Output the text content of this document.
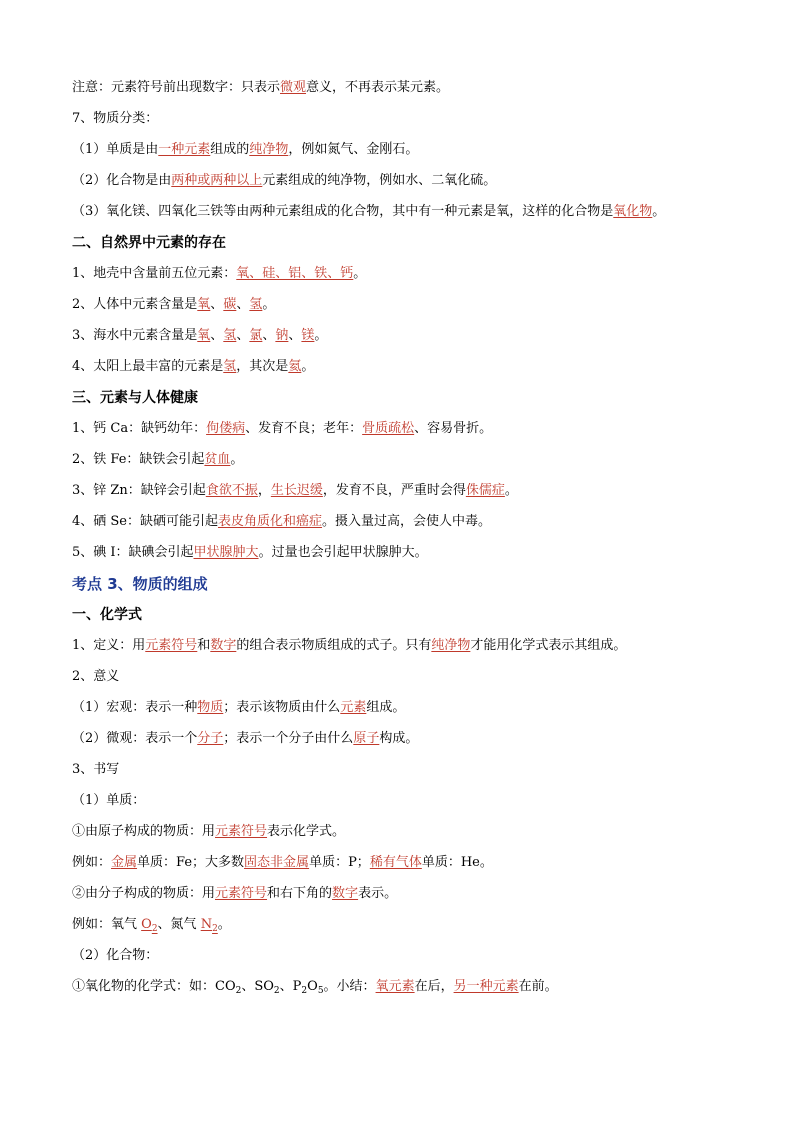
注意：元素符号前出现数字：只表示微观意义，不再表示某元素。
7、物质分类：
（1）单质是由一种元素组成的纯净物，例如氮气、金刚石。
（2）化合物是由两种或两种以上元素组成的纯净物，例如水、二氧化硫。
（3）氧化镁、四氧化三铁等由两种元素组成的化合物，其中有一种元素是氧，这样的化合物是氧化物。
二、自然界中元素的存在
1、地壳中含量前五位元素：氧、硅、铝、铁、钙。
2、人体中元素含量是氧、碳、氢。
3、海水中元素含量是氧、氢、氯、钠、镁。
4、太阳上最丰富的元素是氢，其次是氦。
三、元素与人体健康
1、钙 Ca：缺钙幼年：佝偻病、发育不良；老年：骨质疏松、容易骨折。
2、铁 Fe：缺铁会引起贫血。
3、锌 Zn：缺锌会引起食欲不振，生长迟缓，发育不良，严重时会得侏儒症。
4、硒 Se：缺硒可能引起表皮角质化和癌症。摄入量过高，会使人中毒。
5、碘 I：缺碘会引起甲状腺肿大。过量也会引起甲状腺肿大。
考点 3、物质的组成
一、化学式
1、定义：用元素符号和数字的组合表示物质组成的式子。只有纯净物才能用化学式表示其组成。
2、意义
（1）宏观：表示一种物质；表示该物质由什么元素组成。
（2）微观：表示一个分子；表示一个分子由什么原子构成。
3、书写
（1）单质：
①由原子构成的物质：用元素符号表示化学式。
例如：金属单质：Fe；大多数固态非金属单质：P；稀有气体单质：He。
②由分子构成的物质：用元素符号和右下角的数字表示。
例如：氧气 $O_2$、氮气 $N_2$。
（2）化合物：
①氧化物的化学式：如：$CO_2$、$SO_2$、$P_2O_5$。小结：氧元素在后，另一种元素在前。
